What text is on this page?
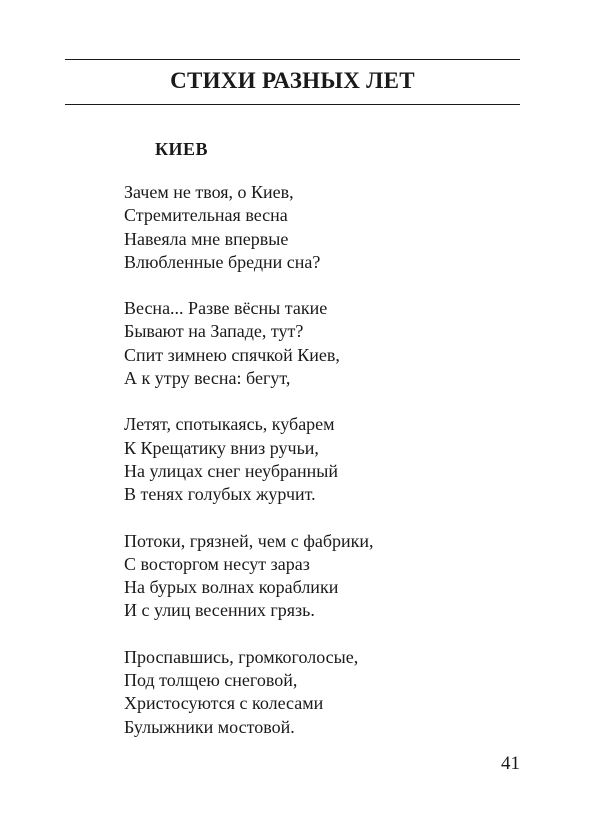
СТИХИ РАЗНЫХ ЛЕТ
КИЕВ
Зачем не твоя, о Киев,
Стремительная весна
Навеяла мне впервые
Влюбленные бредни сна?
Весна... Разве вёсны такие
Бывают на Западе, тут?
Спит зимнею спячкой Киев,
А к утру весна: бегут,
Летят, спотыкаясь, кубарем
К Крещатику вниз ручьи,
На улицах снег неубранный
В тенях голубых журчит.
Потоки, грязней, чем с фабрики,
С восторгом несут зараз
На бурых волнах кораблики
И с улиц весенних грязь.
Проспавшись, громкоголосые,
Под толщею снеговой,
Христосуются с колесами
Булыжники мостовой.
41
